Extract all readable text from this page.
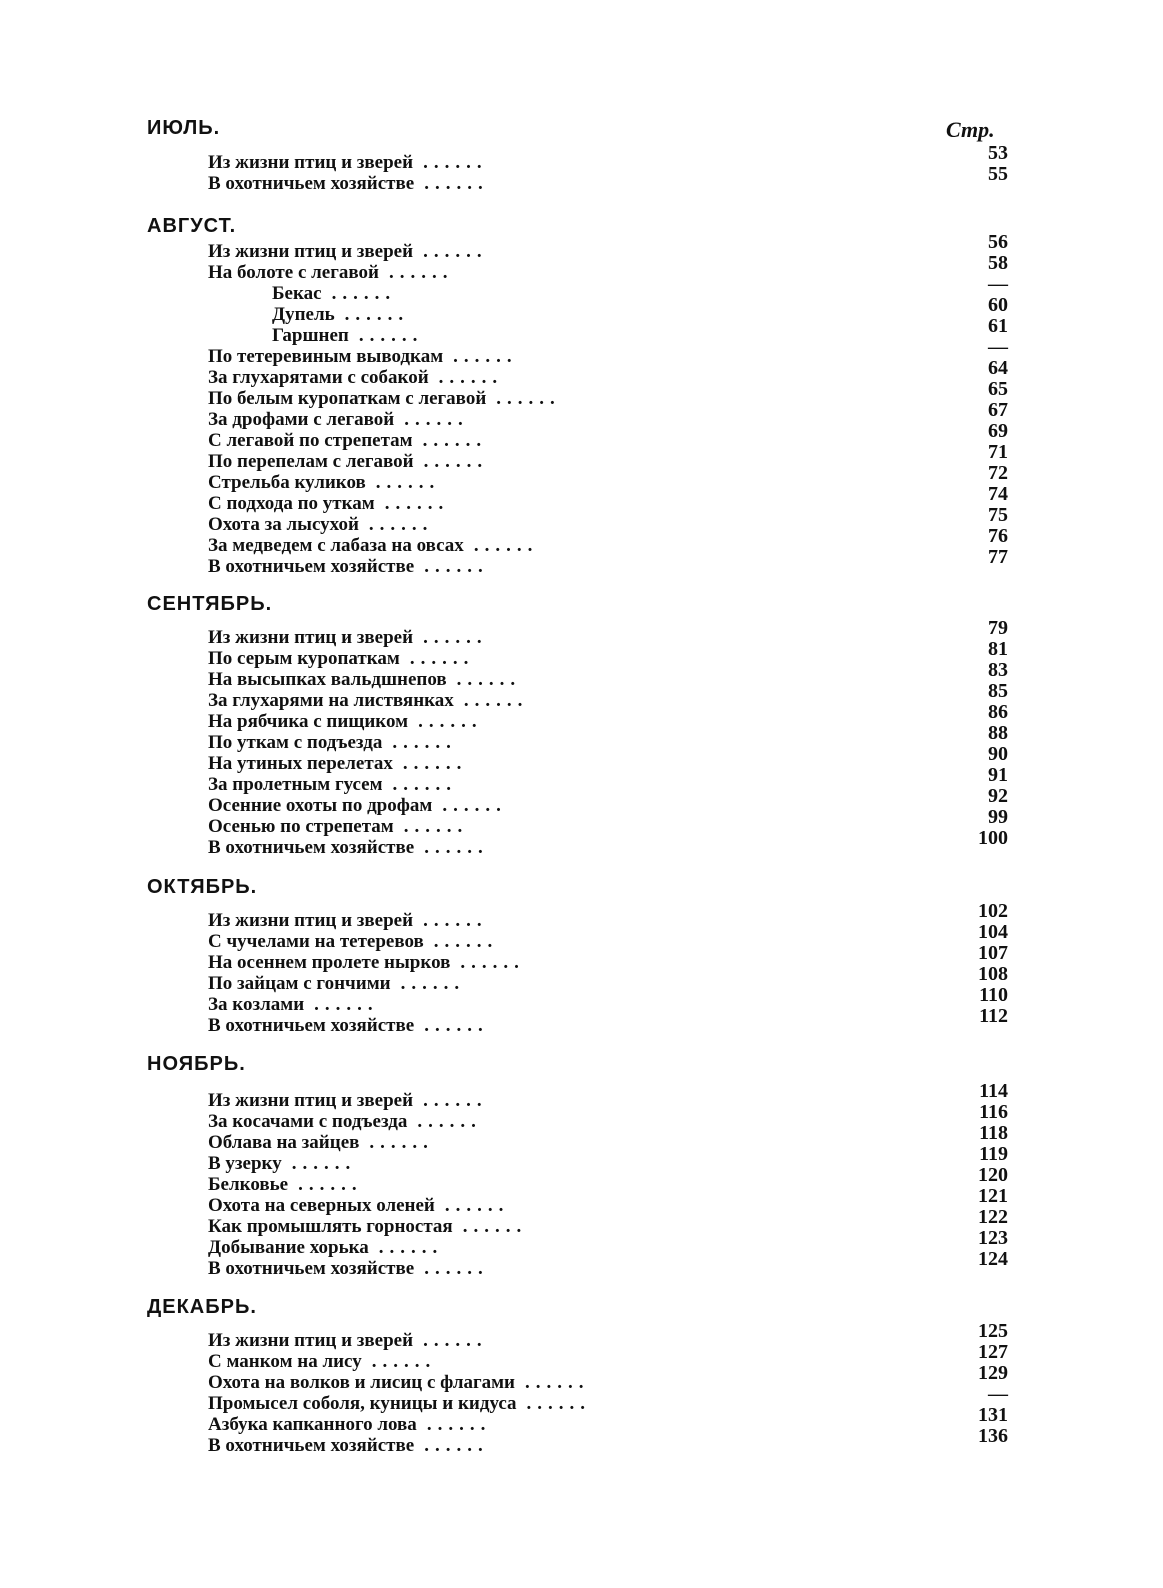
Стр.
ИЮЛЬ.
Из жизни птиц и зверей ......	53
В охотничьем хозяйстве ......	55
АВГУСТ.
Из жизни птиц и зверей ......	56
На болоте с легавой ......	58
Бекас ......	—
Дупель ......	60
Гаршнеп ......	61
По тетеревиным выводкам ......	—
За глухарятами с собакой ......	64
По белым куропаткам с легавой ......	65
За дрофами с легавой ......	67
С легавой по стрепетам ......	69
По перепелам с легавой ......	71
Стрельба куликов ......	72
С подхода по уткам ......	74
Охота за лысухой ......	75
За медведем с лабаза на овсах ......	76
В охотничьем хозяйстве ......	77
СЕНТЯБРЬ.
Из жизни птиц и зверей ......	79
По серым куропаткам ......	81
На высыпках вальдшнепов ......	83
За глухарями на листвянках ......	85
На рябчика с пищиком ......	86
По уткам с подъезда ......	88
На утиных перелетах ......	90
За пролетным гусем ......	91
Осенние охоты по дрофам ......	92
Осенью по стрепетам ......	99
В охотничьем хозяйстве ......	100
ОКТЯБРЬ.
Из жизни птиц и зверей ......	102
С чучелами на тетеревов ......	104
На осеннем пролете нырков ......	107
По зайцам с гончими ......	108
За козлами ......	110
В охотничьем хозяйстве ......	112
НОЯБРЬ.
Из жизни птиц и зверей ......	114
За косачами с подъезда ......	116
Облава на зайцев ......	118
В узерку ......	119
Белковье ......	120
Охота на северных оленей ......	121
Как промышлять горностая ......	122
Добывание хорька ......	123
В охотничьем хозяйстве ......	124
ДЕКАБРЬ.
Из жизни птиц и зверей ......	125
С манком на лису ......	127
Охота на волков и лисиц с флагами ......	129
Промысел соболя, куницы и кидуса ......	—
Азбука капканного лова ......	131
В охотничьем хозяйстве ......	136
